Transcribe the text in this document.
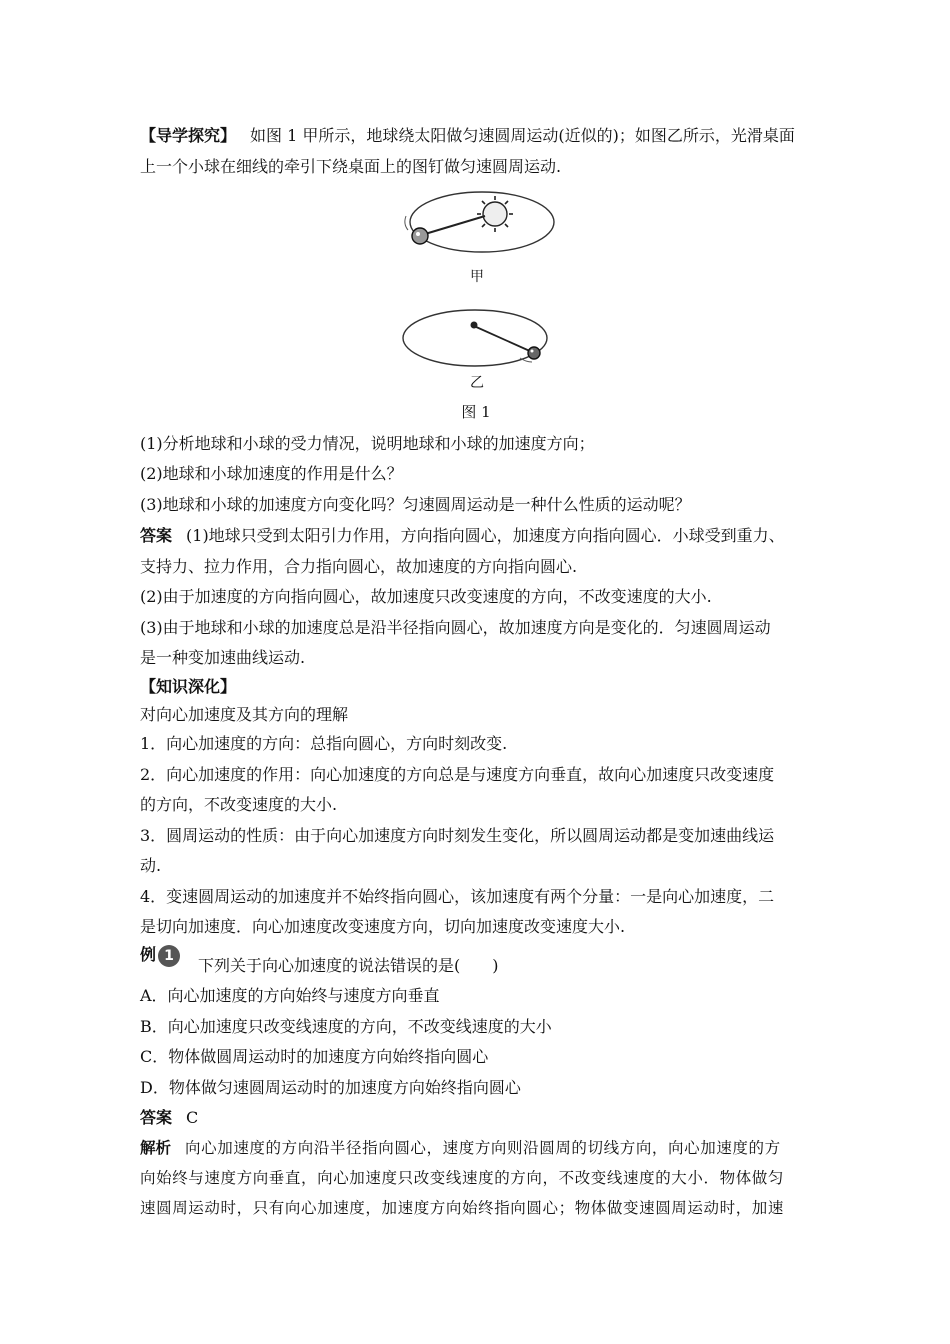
【导学探究】 如图 1 甲所示，地球绕太阳做匀速圆周运动(近似的)；如图乙所示，光滑桌面
上一个小球在细线的牵引下绕桌面上的图钉做匀速圆周运动.
甲
乙
图 1
(1)分析地球和小球的受力情况，说明地球和小球的加速度方向；
(2)地球和小球加速度的作用是什么？
(3)地球和小球的加速度方向变化吗？匀速圆周运动是一种什么性质的运动呢？
答案 (1)地球只受到太阳引力作用，方向指向圆心，加速度方向指向圆心．小球受到重力、
支持力、拉力作用，合力指向圆心，故加速度的方向指向圆心.
(2)由于加速度的方向指向圆心，故加速度只改变速度的方向，不改变速度的大小.
(3)由于地球和小球的加速度总是沿半径指向圆心，故加速度方向是变化的．匀速圆周运动
是一种变加速曲线运动.
【知识深化】
对向心加速度及其方向的理解
1．向心加速度的方向：总指向圆心，方向时刻改变.
2．向心加速度的作用：向心加速度的方向总是与速度方向垂直，故向心加速度只改变速度
的方向，不改变速度的大小.
3．圆周运动的性质：由于向心加速度方向时刻发生变化，所以圆周运动都是变加速曲线运
动.
4．变速圆周运动的加速度并不始终指向圆心，该加速度有两个分量：一是向心加速度，二
是切向加速度．向心加速度改变速度方向，切向加速度改变速度大小.
例 1
下列关于向心加速度的说法错误的是(　　)
A．向心加速度的方向始终与速度方向垂直
B．向心加速度只改变线速度的方向，不改变线速度的大小
C．物体做圆周运动时的加速度方向始终指向圆心
D．物体做匀速圆周运动时的加速度方向始终指向圆心
答案 C
解析 向心加速度的方向沿半径指向圆心，速度方向则沿圆周的切线方向，向心加速度的方
向始终与速度方向垂直，向心加速度只改变线速度的方向，不改变线速度的大小．物体做匀
速圆周运动时，只有向心加速度，加速度方向始终指向圆心；物体做变速圆周运动时，加速
